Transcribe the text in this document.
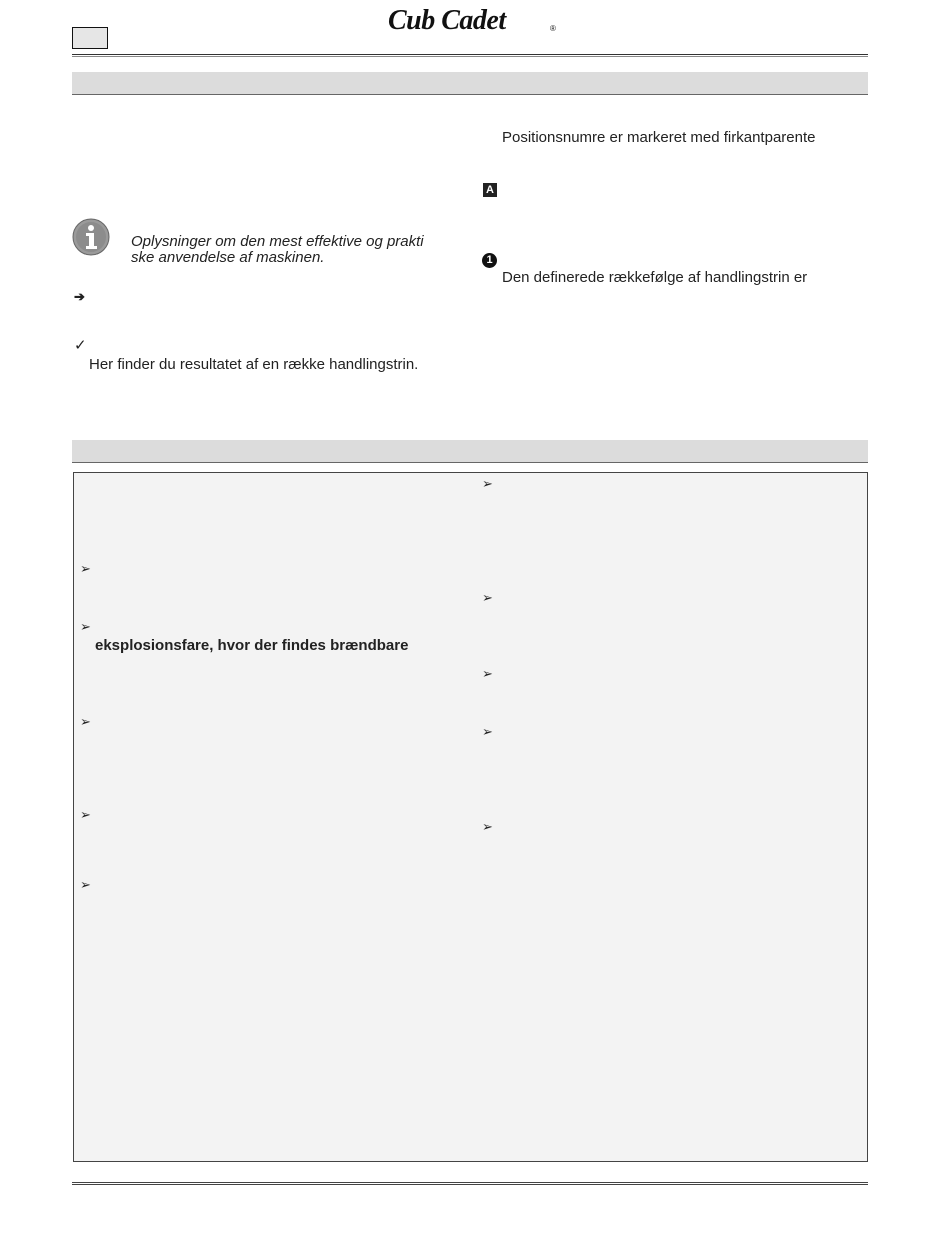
Cub Cadet	®
Positionsnumre er markeret med firkantparente
A
1
Den definerede rækkefølge af handlingstrin er
Oplysninger om den mest effektive og prakti
ske anvendelse af maskinen.
➔
✓
Her finder du resultatet af en række handlingstrin.
➢
➢
eksplosionsfare, hvor der findes brændbare
➢
➢
➢
➢
➢
➢
➢
➢
